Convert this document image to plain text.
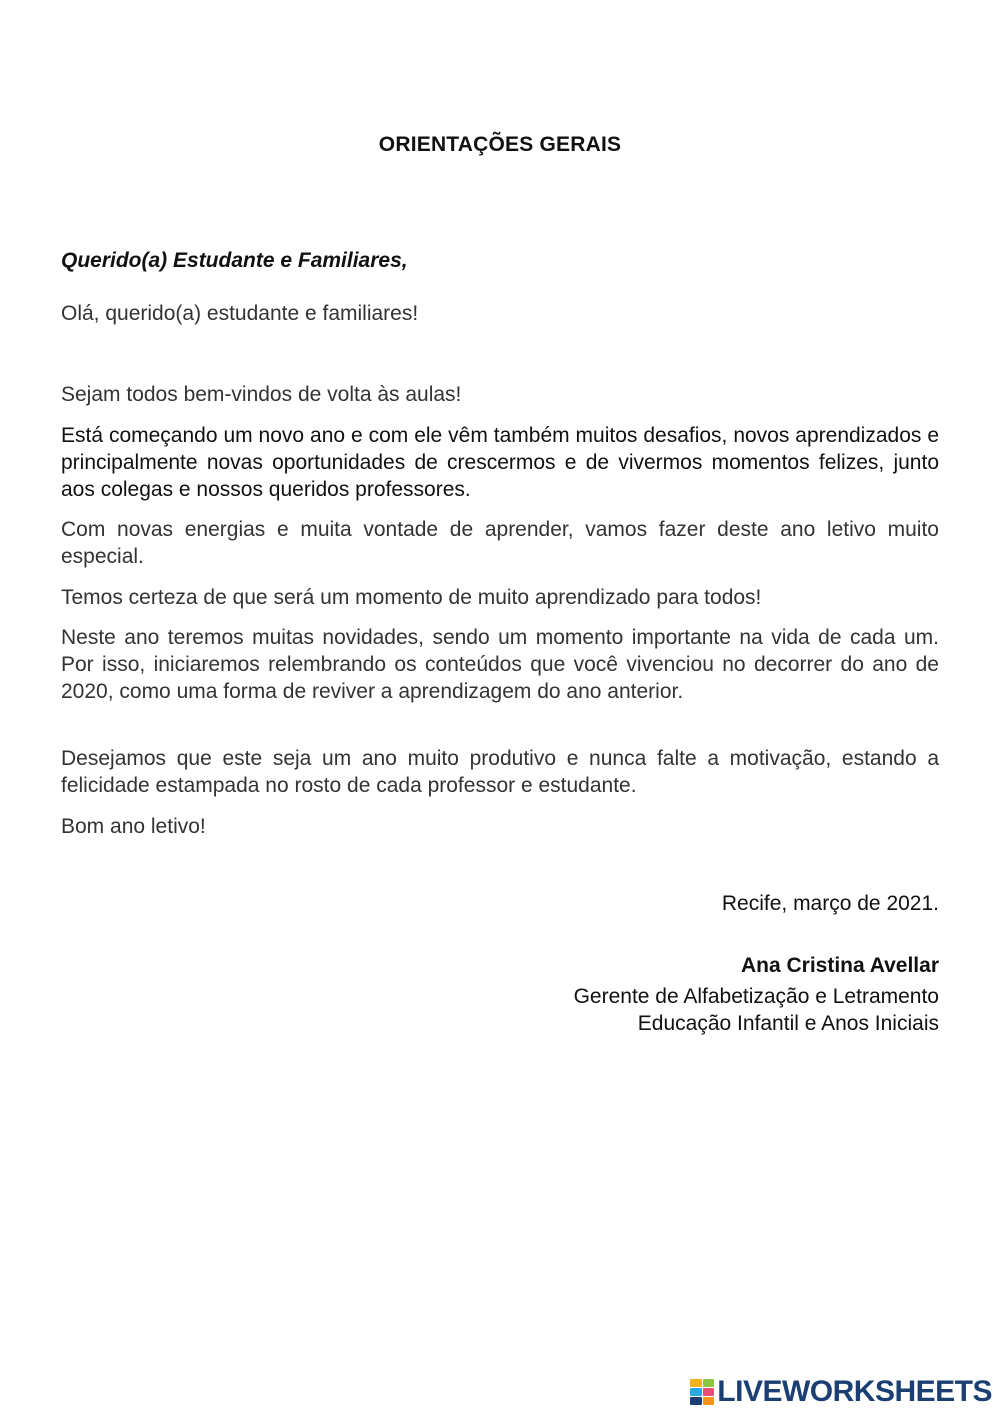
ORIENTAÇÕES GERAIS
Querido(a) Estudante e Familiares,

Olá, querido(a) estudante e familiares!

Sejam todos bem-vindos de volta às aulas!

Está começando um novo ano e com ele vêm também muitos desafios, novos aprendizados e principalmente novas oportunidades de crescermos e de vivermos momentos felizes, junto aos colegas e nossos queridos professores.

Com novas energias e muita vontade de aprender, vamos fazer deste ano letivo muito especial.

Temos certeza de que será um momento de muito aprendizado para todos!

Neste ano teremos muitas novidades, sendo um momento importante na vida de cada um. Por isso, iniciaremos relembrando os conteúdos que você vivenciou no decorrer do ano de 2020, como uma forma de reviver a aprendizagem do ano anterior.

Desejamos que este seja um ano muito produtivo e nunca falte a motivação, estando a felicidade estampada no rosto de cada professor e estudante.

Bom ano letivo!

Recife, março de 2021.
Ana Cristina Avellar
Gerente de Alfabetização e Letramento
Educação Infantil e Anos Iniciais
LIVEWORKSHEETS
